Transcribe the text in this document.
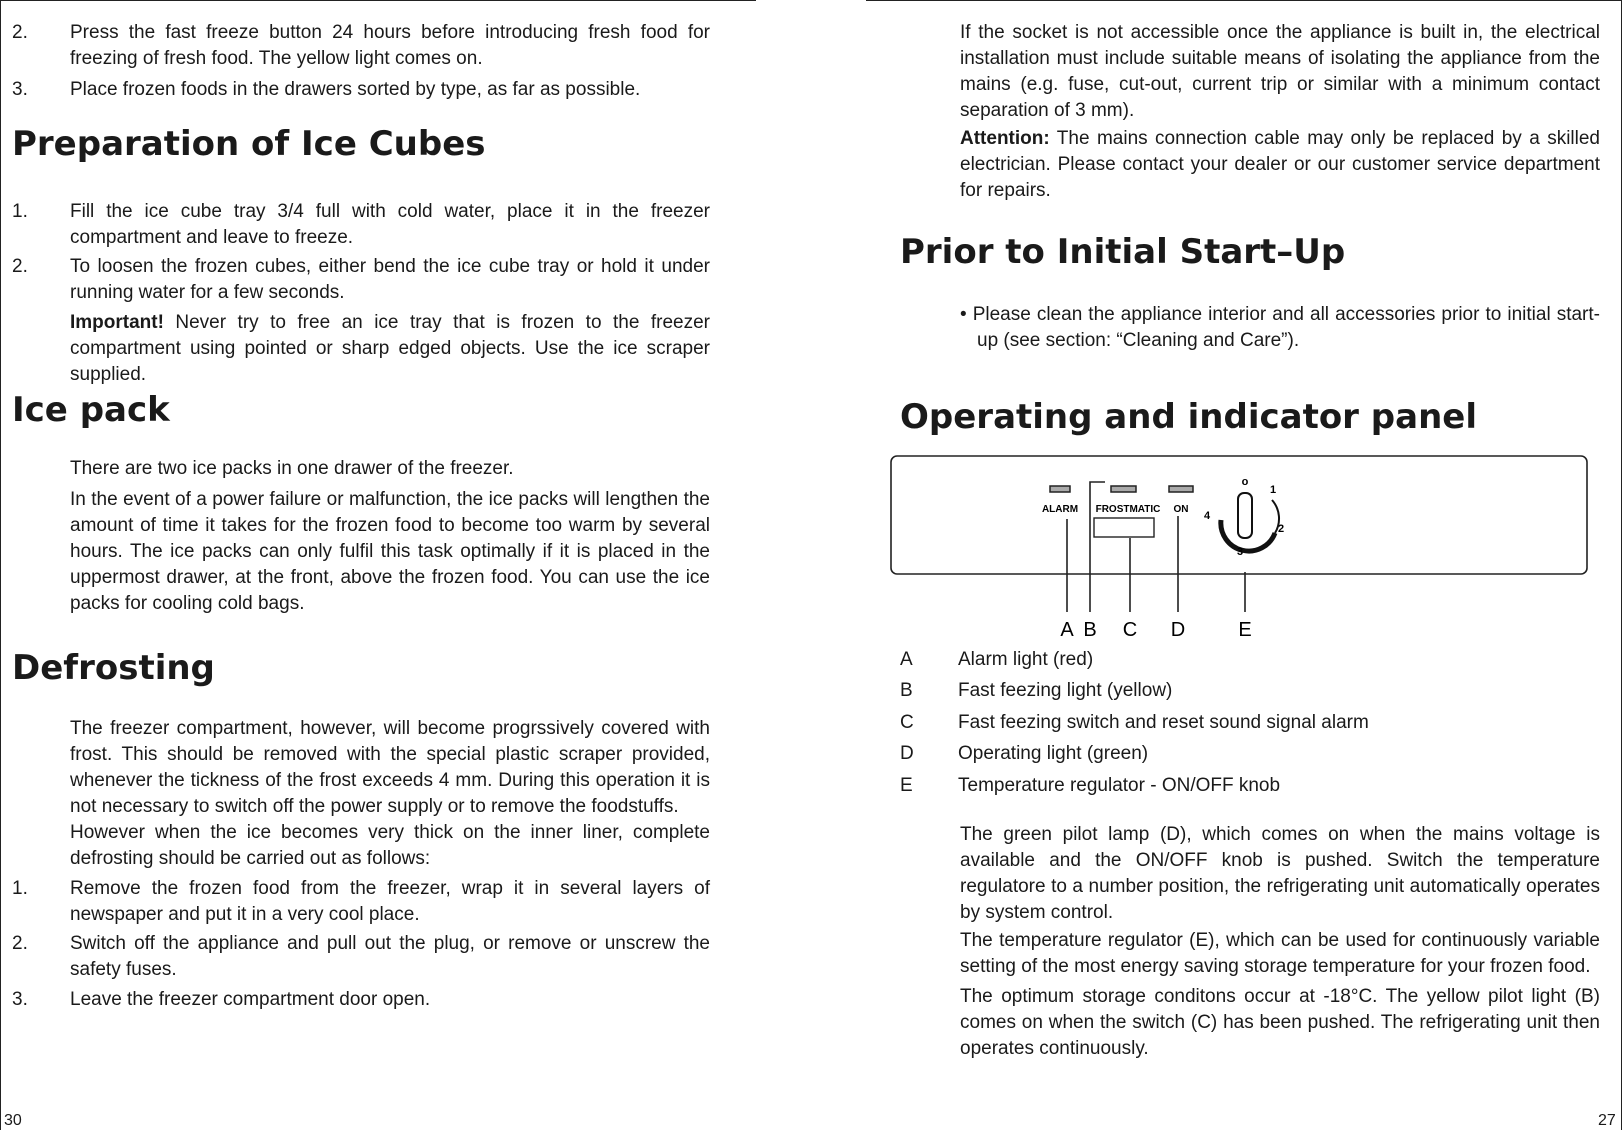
2. Press the fast freeze button 24 hours before introducing fresh food for freezing of fresh food. The yellow light comes on.
3. Place frozen foods in the drawers sorted by type, as far as possible.
Preparation of Ice Cubes
1. Fill the ice cube tray 3/4 full with cold water, place it in the freezer compartment and leave to freeze.
2. To loosen the frozen cubes, either bend the ice cube tray or hold it under running water for a few seconds.
Important! Never try to free an ice tray that is frozen to the freezer compartment using pointed or sharp edged objects. Use the ice scraper supplied.
Ice pack
There are two ice packs in one drawer of the freezer.
In the event of a power failure or malfunction, the ice packs will lengthen the amount of time it takes for the frozen food to become too warm by several hours. The ice packs can only fulfil this task optimally if it is placed in the uppermost drawer, at the front, above the frozen food. You can use the ice packs for cooling cold bags.
Defrosting
The freezer compartment, however, will become progrssively covered with frost. This should be removed with the special plastic scraper provided, whenever the tickness of the frost exceeds 4 mm. During this operation it is not necessary to switch off the power supply or to remove the foodstuffs.
However when the ice becomes very thick on the inner liner, complete defrosting should be carried out as follows:
1. Remove the frozen food from the freezer, wrap it in several layers of newspaper and put it in a very cool place.
2. Switch off the appliance and pull out the plug, or remove or unscrew the safety fuses.
3. Leave the freezer compartment door open.
30
If the socket is not accessible once the appliance is built in, the electrical installation must include suitable means of isolating the appliance from the mains (e.g. fuse, cut-out, current trip or similar with a minimum contact separation of 3 mm).
Attention: The mains connection cable may only be replaced by a skilled electrician. Please contact your dealer or our customer service department for repairs.
Prior to Initial Start–Up
• Please clean the appliance interior and all accessories prior to initial start-up (see section: “Cleaning and Care”).
Operating and indicator panel
ALARM FROSTMATIC ON
o
1
2
3
4
A B C D	E
A Alarm light (red)
B Fast feezing light (yellow)
C Fast feezing switch and reset sound signal alarm
D Operating light (green)
E Temperature regulator - ON/OFF knob
The green pilot lamp (D), which comes on when the mains voltage is available and the ON/OFF knob is pushed. Switch the temperature regulatore to a number position, the refrigerating unit automatically operates by system control.
The temperature regulator (E), which can be used for continuously variable setting of the most energy saving storage temperature for your frozen food.
The optimum storage conditons occur at -18°C. The yellow pilot light (B) comes on when the switch (C) has been pushed. The refrigerating unit then operates continuously.
27
